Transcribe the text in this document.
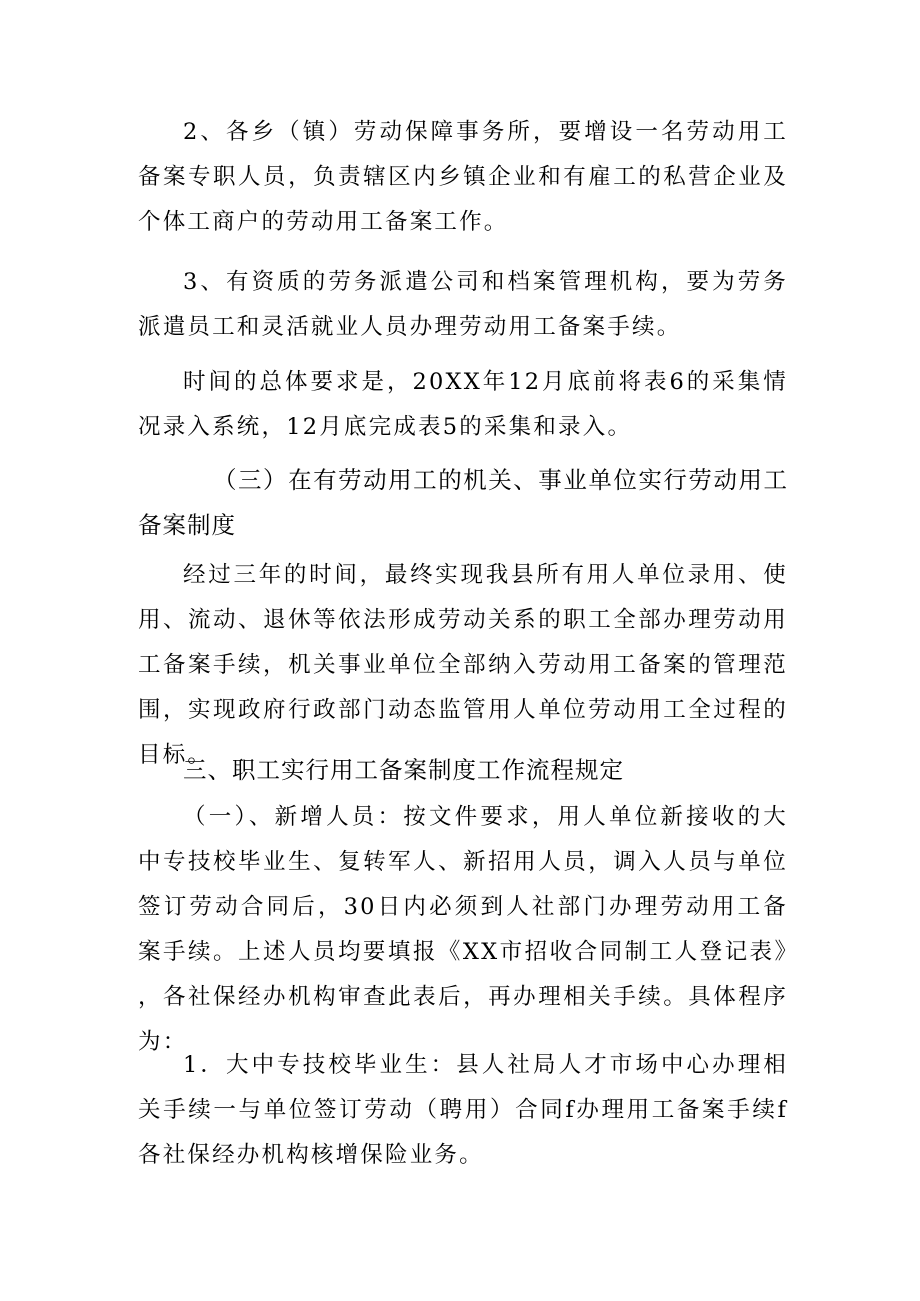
2、各乡（镇）劳动保障事务所，要增设一名劳动用工备案专职人员，负责辖区内乡镇企业和有雇工的私营企业及个体工商户的劳动用工备案工作。

3、有资质的劳务派遣公司和档案管理机构，要为劳务派遣员工和灵活就业人员办理劳动用工备案手续。

时间的总体要求是，20XX年12月底前将表6的采集情况录入系统，12月底完成表5的采集和录入。

（三）在有劳动用工的机关、事业单位实行劳动用工备案制度

经过三年的时间，最终实现我县所有用人单位录用、使用、流动、退休等依法形成劳动关系的职工全部办理劳动用工备案手续，机关事业单位全部纳入劳动用工备案的管理范围，实现政府行政部门动态监管用人单位劳动用工全过程的目标。

三、职工实行用工备案制度工作流程规定

（一）、新增人员：按文件要求，用人单位新接收的大中专技校毕业生、复转军人、新招用人员，调入人员与单位签订劳动合同后，30日内必须到人社部门办理劳动用工备案手续。上述人员均要填报《XX市招收合同制工人登记表》，各社保经办机构审查此表后，再办理相关手续。具体程序为：

1．大中专技校毕业生：县人社局人才市场中心办理相关手续一与单位签订劳动（聘用）合同f办理用工备案手续f各社保经办机构核增保险业务。
